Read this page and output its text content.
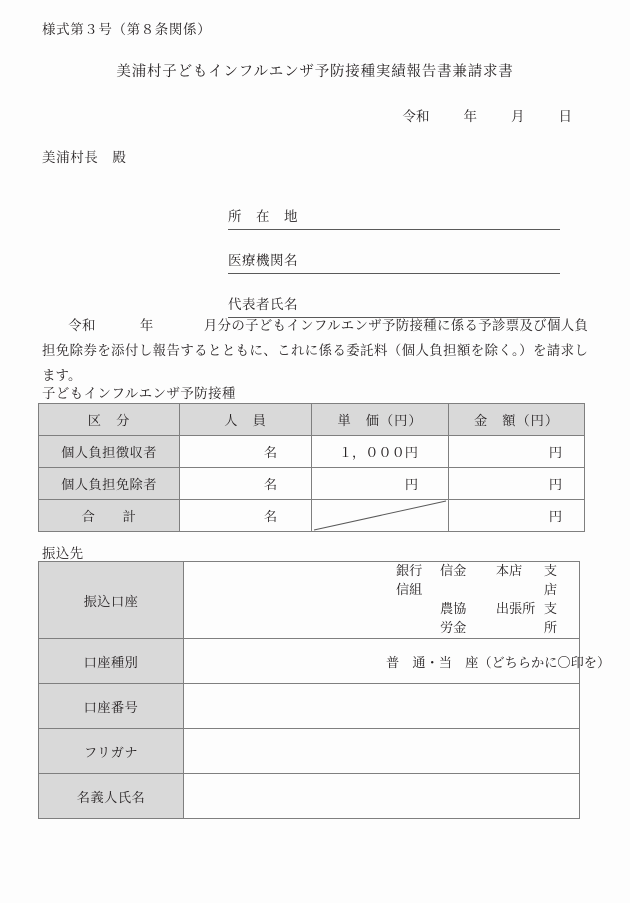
様式第３号（第８条関係）
美浦村子どもインフルエンザ予防接種実績報告書兼請求書
令和	年	月	日
美浦村長 殿
所　在　地
医療機関名
代表者氏名
令和	年	月分の子どもインフルエンザ予防接種に係る予診票及び個人負担免除券を添付し報告するとともに、これに係る委託料（個人負担額を除く。）を請求します。
子どもインフルエンザ予防接種
区　分	人　員	単　価（円）	金　額（円）
個人負担徴収者	名	１，０００円	円
個人負担免除者	名	円	円
合　　計	名		円
振込先
振込口座	銀行 信金信組
農協労金
本店 支店
出張所 支所

口座種別	普　通 ・ 当　座 （どちらかに〇印を）

口座番号	
フリガナ	
名義人氏名	
